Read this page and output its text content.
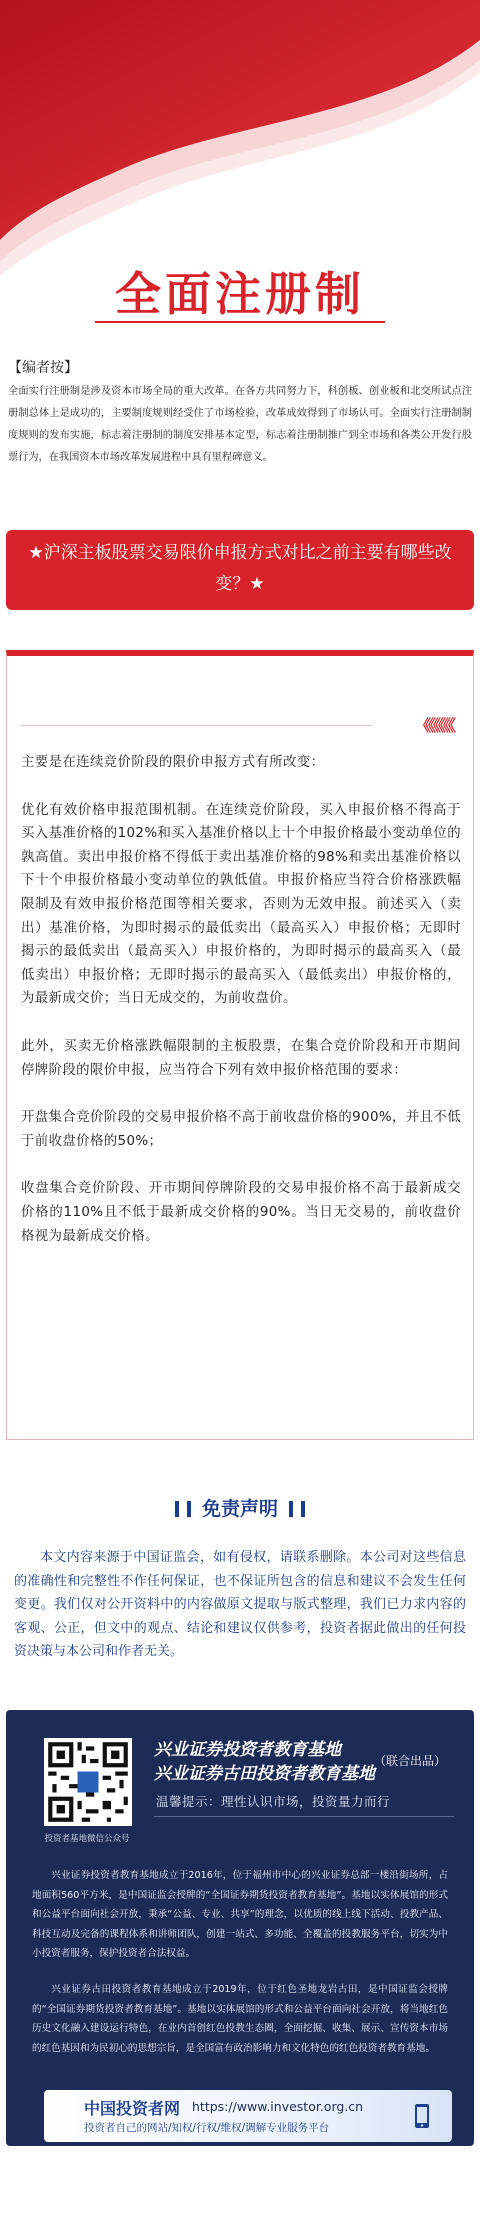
全面注册制
【编者按】
全面实行注册制是涉及资本市场全局的重大改革。在各方共同努力下，科创板、创业板和北交所试点注册制总体上是成功的，主要制度规则经受住了市场检验，改革成效得到了市场认可。全面实行注册制制度规则的发布实施，标志着注册制的制度安排基本定型，标志着注册制推广到全市场和各类公开发行股票行为，在我国资本市场改革发展进程中具有里程碑意义。
★沪深主板股票交易限价申报方式对比之前主要有哪些改变？★
《《《《《《

主要是在连续竞价阶段的限价申报方式有所改变：

优化有效价格申报范围机制。在连续竞价阶段，买入申报价格不得高于买入基准价格的102%和买入基准价格以上十个申报价格最小变动单位的孰高值。卖出申报价格不得低于卖出基准价格的98%和卖出基准价格以下十个申报价格最小变动单位的孰低值。申报价格应当符合价格涨跌幅限制及有效申报价格范围等相关要求，否则为无效申报。前述买入（卖出）基准价格，为即时揭示的最低卖出（最高买入）申报价格；无即时揭示的最低卖出（最高买入）申报价格的，为即时揭示的最高买入（最低卖出）申报价格；无即时揭示的最高买入（最低卖出）申报价格的，为最新成交价；当日无成交的，为前收盘价。

此外，买卖无价格涨跌幅限制的主板股票，在集合竞价阶段和开市期间停牌阶段的限价申报，应当符合下列有效申报价格范围的要求：

开盘集合竞价阶段的交易申报价格不高于前收盘价格的900%，并且不低于前收盘价格的50%；

收盘集合竞价阶段、开市期间停牌阶段的交易申报价格不高于最新成交价格的110%且不低于最新成交价格的90%。当日无交易的，前收盘价格视为最新成交价格。

免责声明
本文内容来源于中国证监会，如有侵权，请联系删除。本公司对这些信息的准确性和完整性不作任何保证，也不保证所包含的信息和建议不会发生任何变更。我们仅对公开资料中的内容做原文提取与版式整理，我们已力求内容的客观、公正，但文中的观点、结论和建议仅供参考，投资者据此做出的任何投资决策与本公司和作者无关。
投资者基地微信公众号
兴业证券投资者教育基地
兴业证券古田投资者教育基地
（联合出品）
温馨提示：理性认识市场，投资量力而行
兴业证券投资者教育基地成立于2016年，位于福州市中心的兴业证券总部一楼沿街场所，占地面积560平方米，是中国证监会授牌的“全国证券期货投资者教育基地”。基地以实体展馆的形式和公益平台面向社会开放，秉承“公益、专业、共享”的理念，以优质的线上线下活动、投教产品、科技互动及完备的课程体系和讲师团队，创建一站式、多功能、全覆盖的投教服务平台，切实为中小投资者服务，保护投资者合法权益。
兴业证券古田投资者教育基地成立于2019年，位于红色圣地龙岩古田，是中国证监会授牌的“全国证券期货投资者教育基地”。基地以实体展馆的形式和公益平台面向社会开放，将当地红色历史文化融入建设运行特色，在业内首创红色投教生态圈，全面挖掘、收集、展示、宣传资本市场的红色基因和为民初心的思想宗旨，是全国富有政治影响力和文化特色的红色投资者教育基地。
中国投资者网 https://www.investor.org.cn
投资者自己的网站/知权/行权/维权/调解专业服务平台
